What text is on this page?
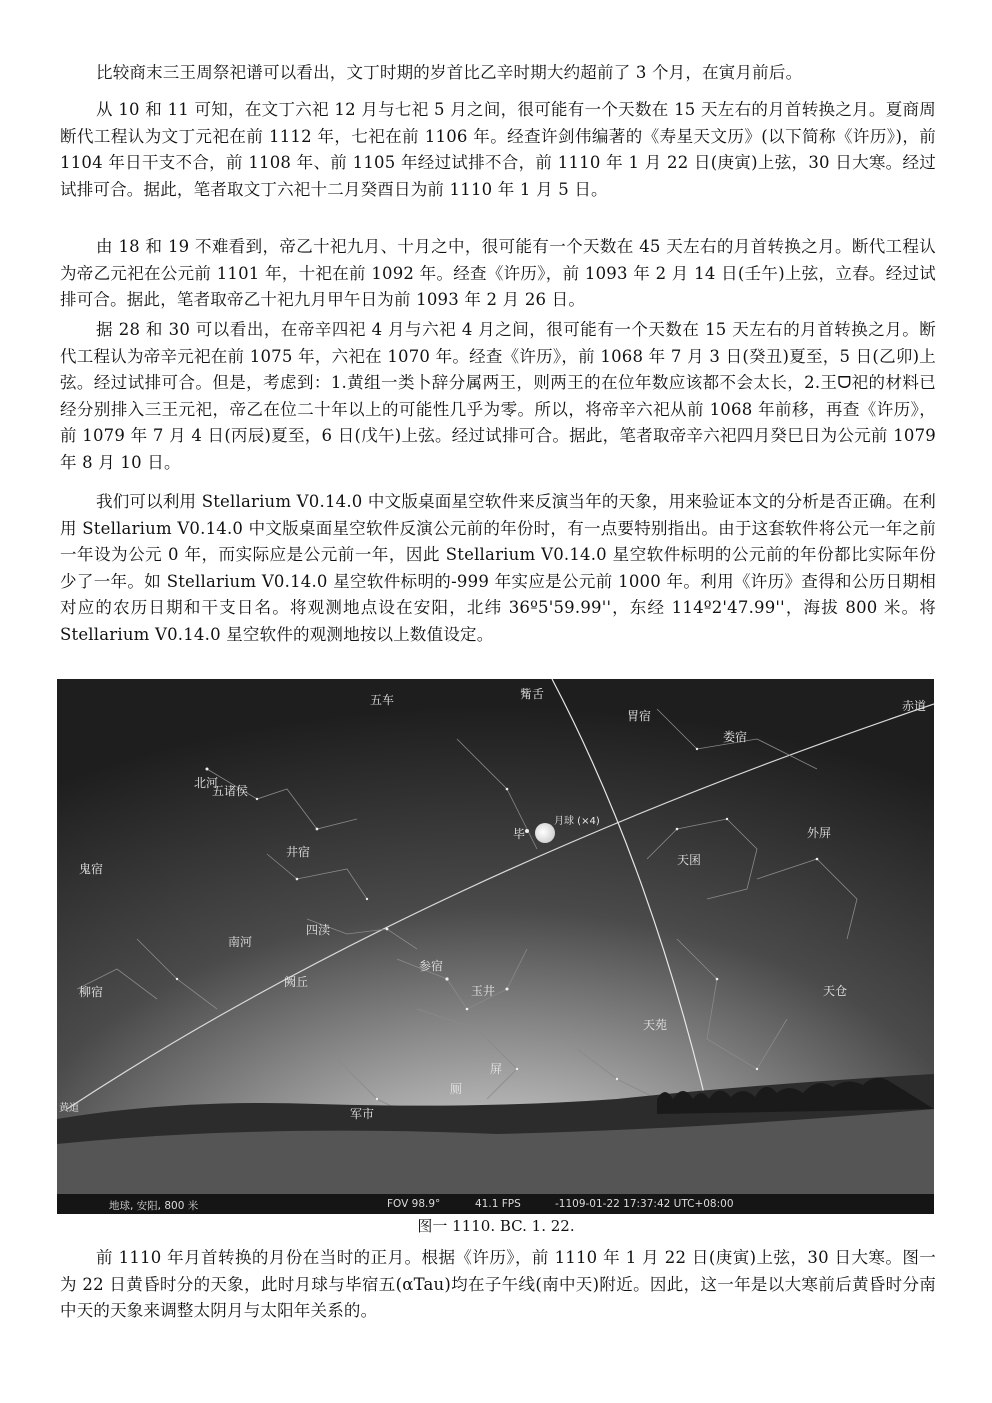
比较商末三王周祭祀谱可以看出，文丁时期的岁首比乙辛时期大约超前了 3 个月，在寅月前后。

从 10 和 11 可知，在文丁六祀 12 月与七祀 5 月之间，很可能有一个天数在 15 天左右的月首转换之月。夏商周断代工程认为文丁元祀在前 1112 年，七祀在前 1106 年。经查许剑伟编著的《寿星天文历》(以下简称《许历》)，前 1104 年日干支不合，前 1108 年、前 1105 年经过试排不合，前 1110 年 1 月 22 日(庚寅)上弦，30 日大寒。经过试排可合。据此，笔者取文丁六祀十二月癸酉日为前 1110 年 1 月 5 日。

由 18 和 19 不难看到，帝乙十祀九月、十月之中，很可能有一个天数在 45 天左右的月首转换之月。断代工程认为帝乙元祀在公元前 1101 年，十祀在前 1092 年。经查《许历》，前 1093 年 2 月 14 日(壬午)上弦，立春。经过试排可合。据此，笔者取帝乙十祀九月甲午日为前 1093 年 2 月 26 日。

据 28 和 30 可以看出，在帝辛四祀 4 月与六祀 4 月之间，很可能有一个天数在 15 天左右的月首转换之月。断代工程认为帝辛元祀在前 1075 年，六祀在 1070 年。经查《许历》，前 1068 年 7 月 3 日(癸丑)夏至，5 日(乙卯)上弦。经过试排可合。但是，考虑到：1.黄组一类卜辞分属两王，则两王的在位年数应该都不会太长，2.王ᗜ祀的材料已经分别排入三王元祀，帝乙在位二十年以上的可能性几乎为零。所以，将帝辛六祀从前 1068 年前移，再查《许历》，前 1079 年 7 月 4 日(丙辰)夏至，6 日(戊午)上弦。经过试排可合。据此，笔者取帝辛六祀四月癸巳日为公元前 1079 年 8 月 10 日。

我们可以利用 Stellarium V0.14.0 中文版桌面星空软件来反演当年的天象，用来验证本文的分析是否正确。在利用 Stellarium V0.14.0 中文版桌面星空软件反演公元前的年份时，有一点要特别指出。由于这套软件将公元一年之前一年设为公元 0 年，而实际应是公元前一年，因此 Stellarium V0.14.0 星空软件标明的公元前的年份都比实际年份少了一年。如 Stellarium V0.14.0 星空软件标明的-999 年实应是公元前 1000 年。利用《许历》查得和公历日期相对应的农历日期和干支日名。将观测地点设在安阳，北纬 36º5'59.99''，东经 114º2'47.99''，海拔 800 米。将 Stellarium V0.14.0 星空软件的观测地按以上数值设定。

五车	觜舌
胃宿
娄宿
赤道
北河
五诸侯
月球 (×4)
毕	外屏
井宿
天囷
鬼宿
四渎
南河
参宿
阙丘
玉井	天仓
柳宿
天苑
屏
厕
军市
黄道
地球, 安阳, 800 米	FOV 98.9°	41.1 FPS	-1109-01-22 17:37:42 UTC+08:00
图一 1110. BC. 1. 22.

前 1110 年月首转换的月份在当时的正月。根据《许历》，前 1110 年 1 月 22 日(庚寅)上弦，30 日大寒。图一为 22 日黄昏时分的天象，此时月球与毕宿五(αTau)均在子午线(南中天)附近。因此，这一年是以大寒前后黄昏时分南中天的天象来调整太阴月与太阳年关系的。
